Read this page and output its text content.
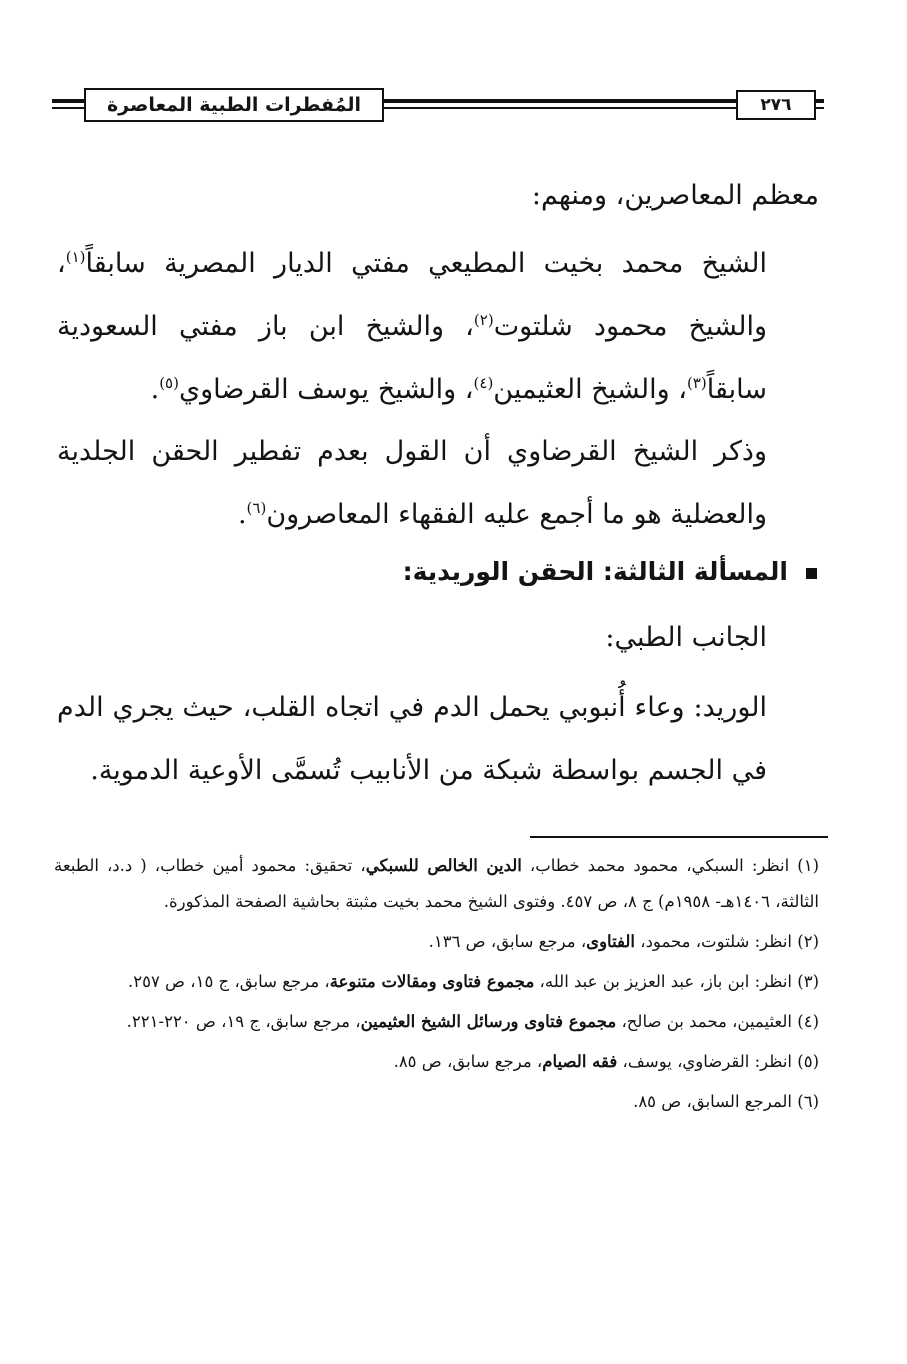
المُفطرات الطبية المعاصرة	٢٧٦

معظم المعاصرين، ومنهم:

الشيخ محمد بخيت المطيعي مفتي الديار المصرية سابقاً$^{(١)}$، والشيخ محمود شلتوت$^{(٢)}$، والشيخ ابن باز مفتي السعودية سابقاً$^{(٣)}$، والشيخ العثيمين$^{(٤)}$، والشيخ يوسف القرضاوي$^{(٥)}$.

وذكر الشيخ القرضاوي أن القول بعدم تفطير الحقن الجلدية والعضلية هو ما أجمع عليه الفقهاء المعاصرون$^{(٦)}$.

المسألة الثالثة: الحقن الوريدية:

الجانب الطبي:

الوريد: وعاء أُنبوبي يحمل الدم في اتجاه القلب، حيث يجري الدم في الجسم بواسطة شبكة من الأنابيب تُسمَّى الأوعية الدموية.

(١) انظر: السبكي، محمود محمد خطاب، الدين الخالص للسبكي، تحقيق: محمود أمين خطاب، ( د.د، الطبعة الثالثة، ١٤٠٦هـ- ١٩٥٨م) ج ٨، ص ٤٥٧. وفتوى الشيخ محمد بخيت مثبتة بحاشية الصفحة المذكورة.
(٢) انظر: شلتوت، محمود، الفتاوى، مرجع سابق، ص ١٣٦.
(٣) انظر: ابن باز، عبد العزيز بن عبد الله، مجموع فتاوى ومقالات متنوعة، مرجع سابق، ج ١٥، ص ٢٥٧.
(٤) العثيمين، محمد بن صالح، مجموع فتاوى ورسائل الشيخ العثيمين، مرجع سابق، ج ١٩، ص ٢٢٠-٢٢١.
(٥) انظر: القرضاوي، يوسف، فقه الصيام، مرجع سابق، ص ٨٥.
(٦) المرجع السابق، ص ٨٥.
